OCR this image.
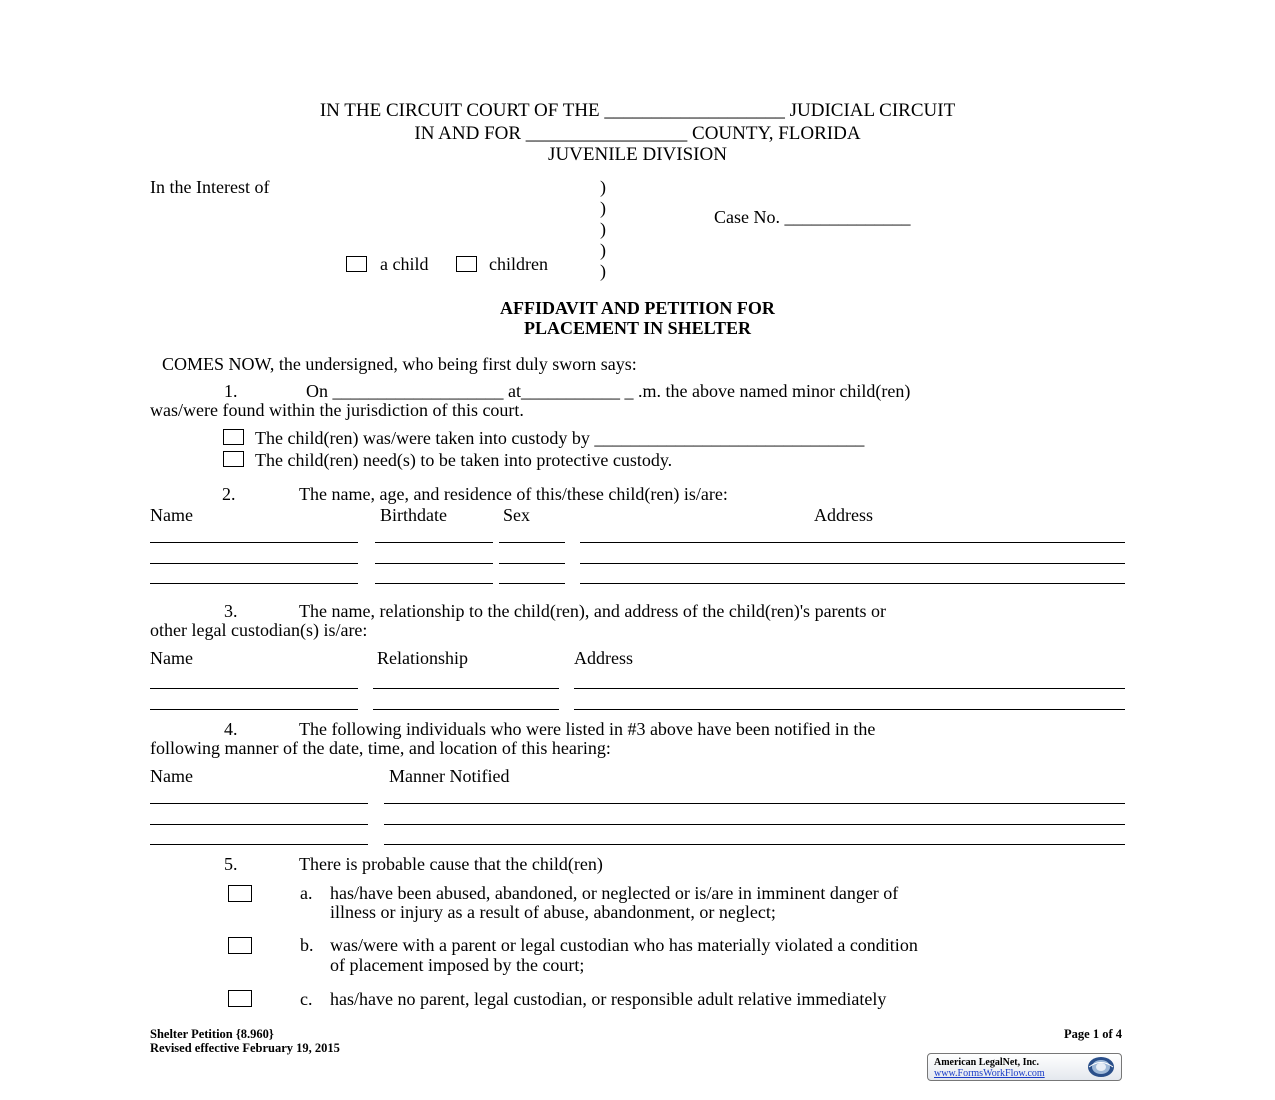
IN THE CIRCUIT COURT OF THE ___________________ JUDICIAL CIRCUIT
IN AND FOR _________________ COUNTY, FLORIDA
JUVENILE DIVISION
In the Interest of	)
)
)
)
)
Case No. ______________
a child	children
AFFIDAVIT AND PETITION FOR
PLACEMENT IN SHELTER
COMES NOW, the undersigned, who being first duly sworn says:
1.	On ___________________ at___________ _ .m. the above named minor child(ren)
was/were found within the jurisdiction of this court.
The child(ren) was/were taken into custody by ______________________________
The child(ren) need(s) to be taken into protective custody.
2.	The name, age, and residence of this/these child(ren) is/are:
Name	Birthdate	Sex	Address
3.	The name, relationship to the child(ren), and address of the child(ren)'s parents or
other legal custodian(s) is/are:
Name	Relationship	Address
4.	The following individuals who were listed in #3 above have been notified in the
following manner of the date, time, and location of this hearing:
Name	Manner Notified
5.	There is probable cause that the child(ren)
a. has/have been abused, abandoned, or neglected or is/are in imminent danger of
illness or injury as a result of abuse, abandonment, or neglect;
b. was/were with a parent or legal custodian who has materially violated a condition
of placement imposed by the court;
c. has/have no parent, legal custodian, or responsible adult relative immediately
Shelter Petition {8.960}
Revised effective February 19, 2015
Page 1 of 4
American LegalNet, Inc.
www.FormsWorkFlow.com
